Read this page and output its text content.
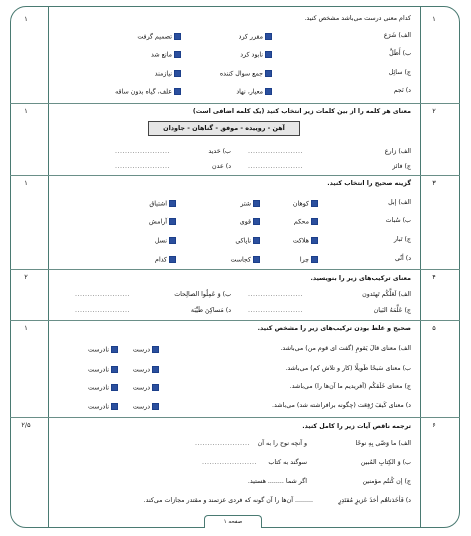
۱
۱	کدام معنی درست می‌باشد مشخص کنید.
الف) شَرَع
مقرر کرد
تصمیم گرفت
ب) أَظَلَّ
نابود کرد
مانع شد
ج) سائِل
جمع سوال کننده
نیازمند
د) نَجم
معیار، نهاد
علف، گیاه بدون ساقه
۲
۱	معنای هر کلمه را از بین کلمات زیر انتخاب کنید (یک کلمه اضافی است)
آهن - روییده - موفق - گناهان - جاودان
الف) زارع
......................
ب) حَدید
......................
ج) فائز
......................
د) عدن
......................
۳
۱	گزینه صحیح را انتخاب کنید.
الف) إبل
کوهان
شتر
اشتیاق
ب) سُبات
محکم
قوی
آرامش
ج) تَبار
هلاکت
ناپاکی
نسل
د) أنّی
چرا
کجاست
کدام
۴
۲	معنای ترکیب‌های زیر را بنویسید.
الف) لَعَلَّکُم تَهتَدون
......................
ب) وَ عَمِلُوا الصالِحات
......................
ج) عَلَّمَهُ البَیان
......................
د) مَساکِنَ طَیِّبَة
......................
۵
۱	صحیح و غلط بودن ترکیب‌های زیر را مشخص کنید.
الف) معنای قالَ یَقومِ (گفت ای قوم من) می‌باشد.
نادرست	درست
ب) معنای سَبحًا طَویلًا (کار و تلاش کم) می‌باشد.
نادرست	درست
ج) معنای خَلَقکُم (آفریدیم ما آن‌ها را) می‌باشد.
نادرست	درست
د) معنای کَیفَ رُفِعَت (چگونه برافراشته شد) می‌باشد.
نادرست	درست
۶
۲/۵	ترجمه ناقص آیات زیر را کامل کنید.
الف) ما وَصّی بِهِ نوحًا
و آنچه نوح را به آن
......................
ب) وَ الکِتابِ المُبین
سوگند به کتاب
......................
ج) إن کُنتُم مؤمنین
اگر شما ........ هستید.
د) فَأخَذناهُم أخذَ عَزیزٍ مُقتَدِرٍ
......... آن‌ها را آن گونه که فردی عزتمند و مقتدر مجازات می‌کند.
صفحه ۱
